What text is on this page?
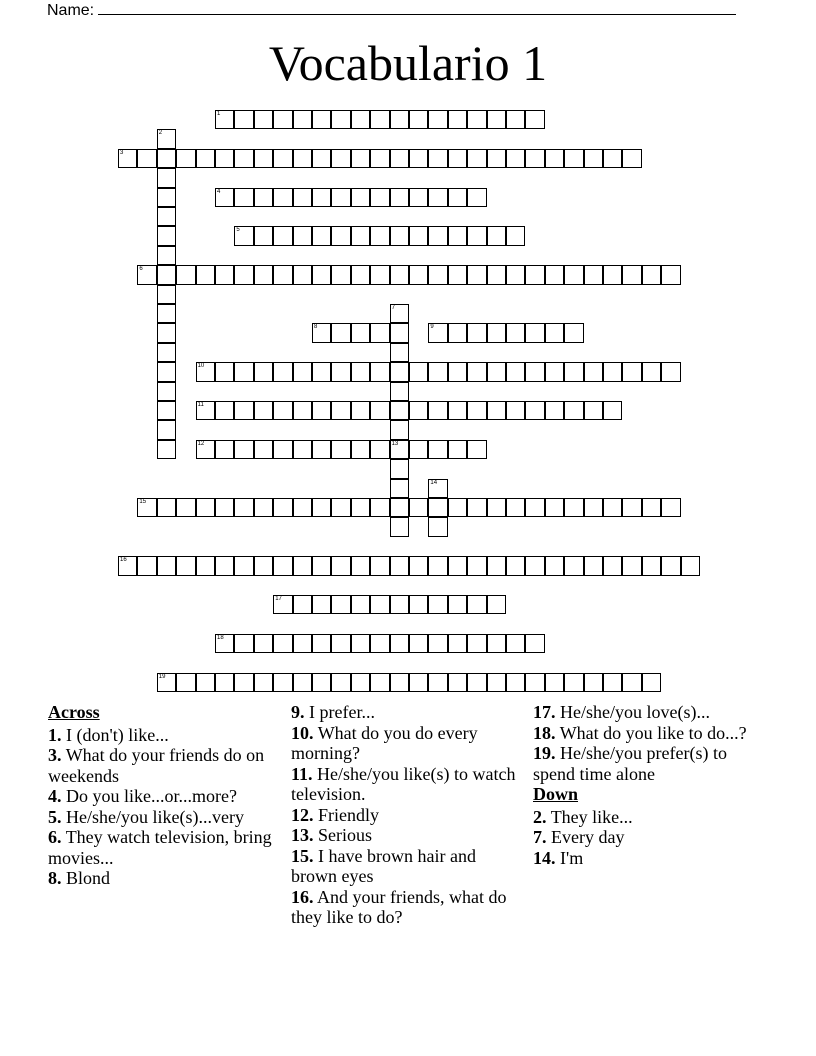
Name:
Vocabulario 1
1
2
3
4
5
6
7
13
8	9
10
11
12
14
15
16
17
18
19

Across

1. I (don't) like...

3. What do your friends do on weekends

4. Do you like...or...more?

5. He/she/you like(s)...very

6. They watch television, bring movies...

8. Blond

9. I prefer...

10. What do you do every morning?

11. He/she/you like(s) to watch television.

12. Friendly

13. Serious

15. I have brown hair and brown eyes

16. And your friends, what do they like to do?

17. He/she/you love(s)...

18. What do you like to do...?

19. He/she/you prefer(s) to spend time alone

Down

2. They like...

7. Every day

14. I'm
